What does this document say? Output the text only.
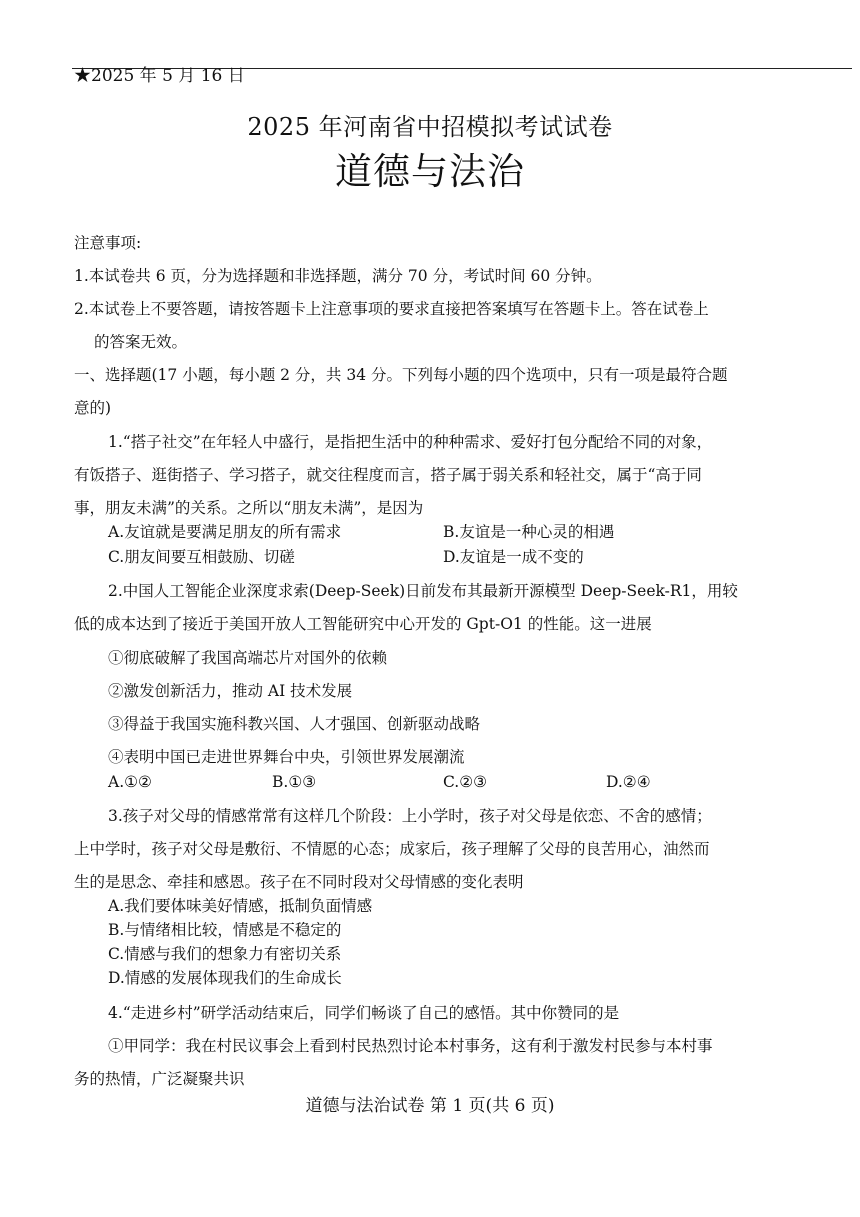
★2025 年 5 月 16 日
2025 年河南省中招模拟考试试卷
道德与法治
注意事项:
1.本试卷共 6 页，分为选择题和非选择题，满分 70 分，考试时间 60 分钟。
2.本试卷上不要答题，请按答题卡上注意事项的要求直接把答案填写在答题卡上。答在试卷上
的答案无效。
一、选择题(17 小题，每小题 2 分，共 34 分。下列每小题的四个选项中，只有一项是最符合题
意的)
1.“搭子社交”在年轻人中盛行，是指把生活中的种种需求、爱好打包分配给不同的对象，
有饭搭子、逛街搭子、学习搭子，就交往程度而言，搭子属于弱关系和轻社交，属于“高于同
事，朋友未满”的关系。之所以“朋友未满”，是因为
A.友谊就是要满足朋友的所有需求	B.友谊是一种心灵的相遇
C.朋友间要互相鼓励、切磋	D.友谊是一成不变的
2.中国人工智能企业深度求索(Deep-Seek)日前发布其最新开源模型 Deep-Seek-R1，用较
低的成本达到了接近于美国开放人工智能研究中心开发的 Gpt-O1 的性能。这一进展
①彻底破解了我国高端芯片对国外的依赖
②激发创新活力，推动 AI 技术发展
③得益于我国实施科教兴国、人才强国、创新驱动战略
④表明中国已走进世界舞台中央，引领世界发展潮流
A.①②	B.①③	C.②③	D.②④
3.孩子对父母的情感常常有这样几个阶段：上小学时，孩子对父母是依恋、不舍的感情；
上中学时，孩子对父母是敷衍、不情愿的心态；成家后，孩子理解了父母的良苦用心，油然而
生的是思念、牵挂和感恩。孩子在不同时段对父母情感的变化表明
A.我们要体味美好情感，抵制负面情感
B.与情绪相比较，情感是不稳定的
C.情感与我们的想象力有密切关系
D.情感的发展体现我们的生命成长
4.“走进乡村”研学活动结束后，同学们畅谈了自己的感悟。其中你赞同的是
①甲同学：我在村民议事会上看到村民热烈讨论本村事务，这有利于激发村民参与本村事
务的热情，广泛凝聚共识
道德与法治试卷 第 1 页(共 6 页)
